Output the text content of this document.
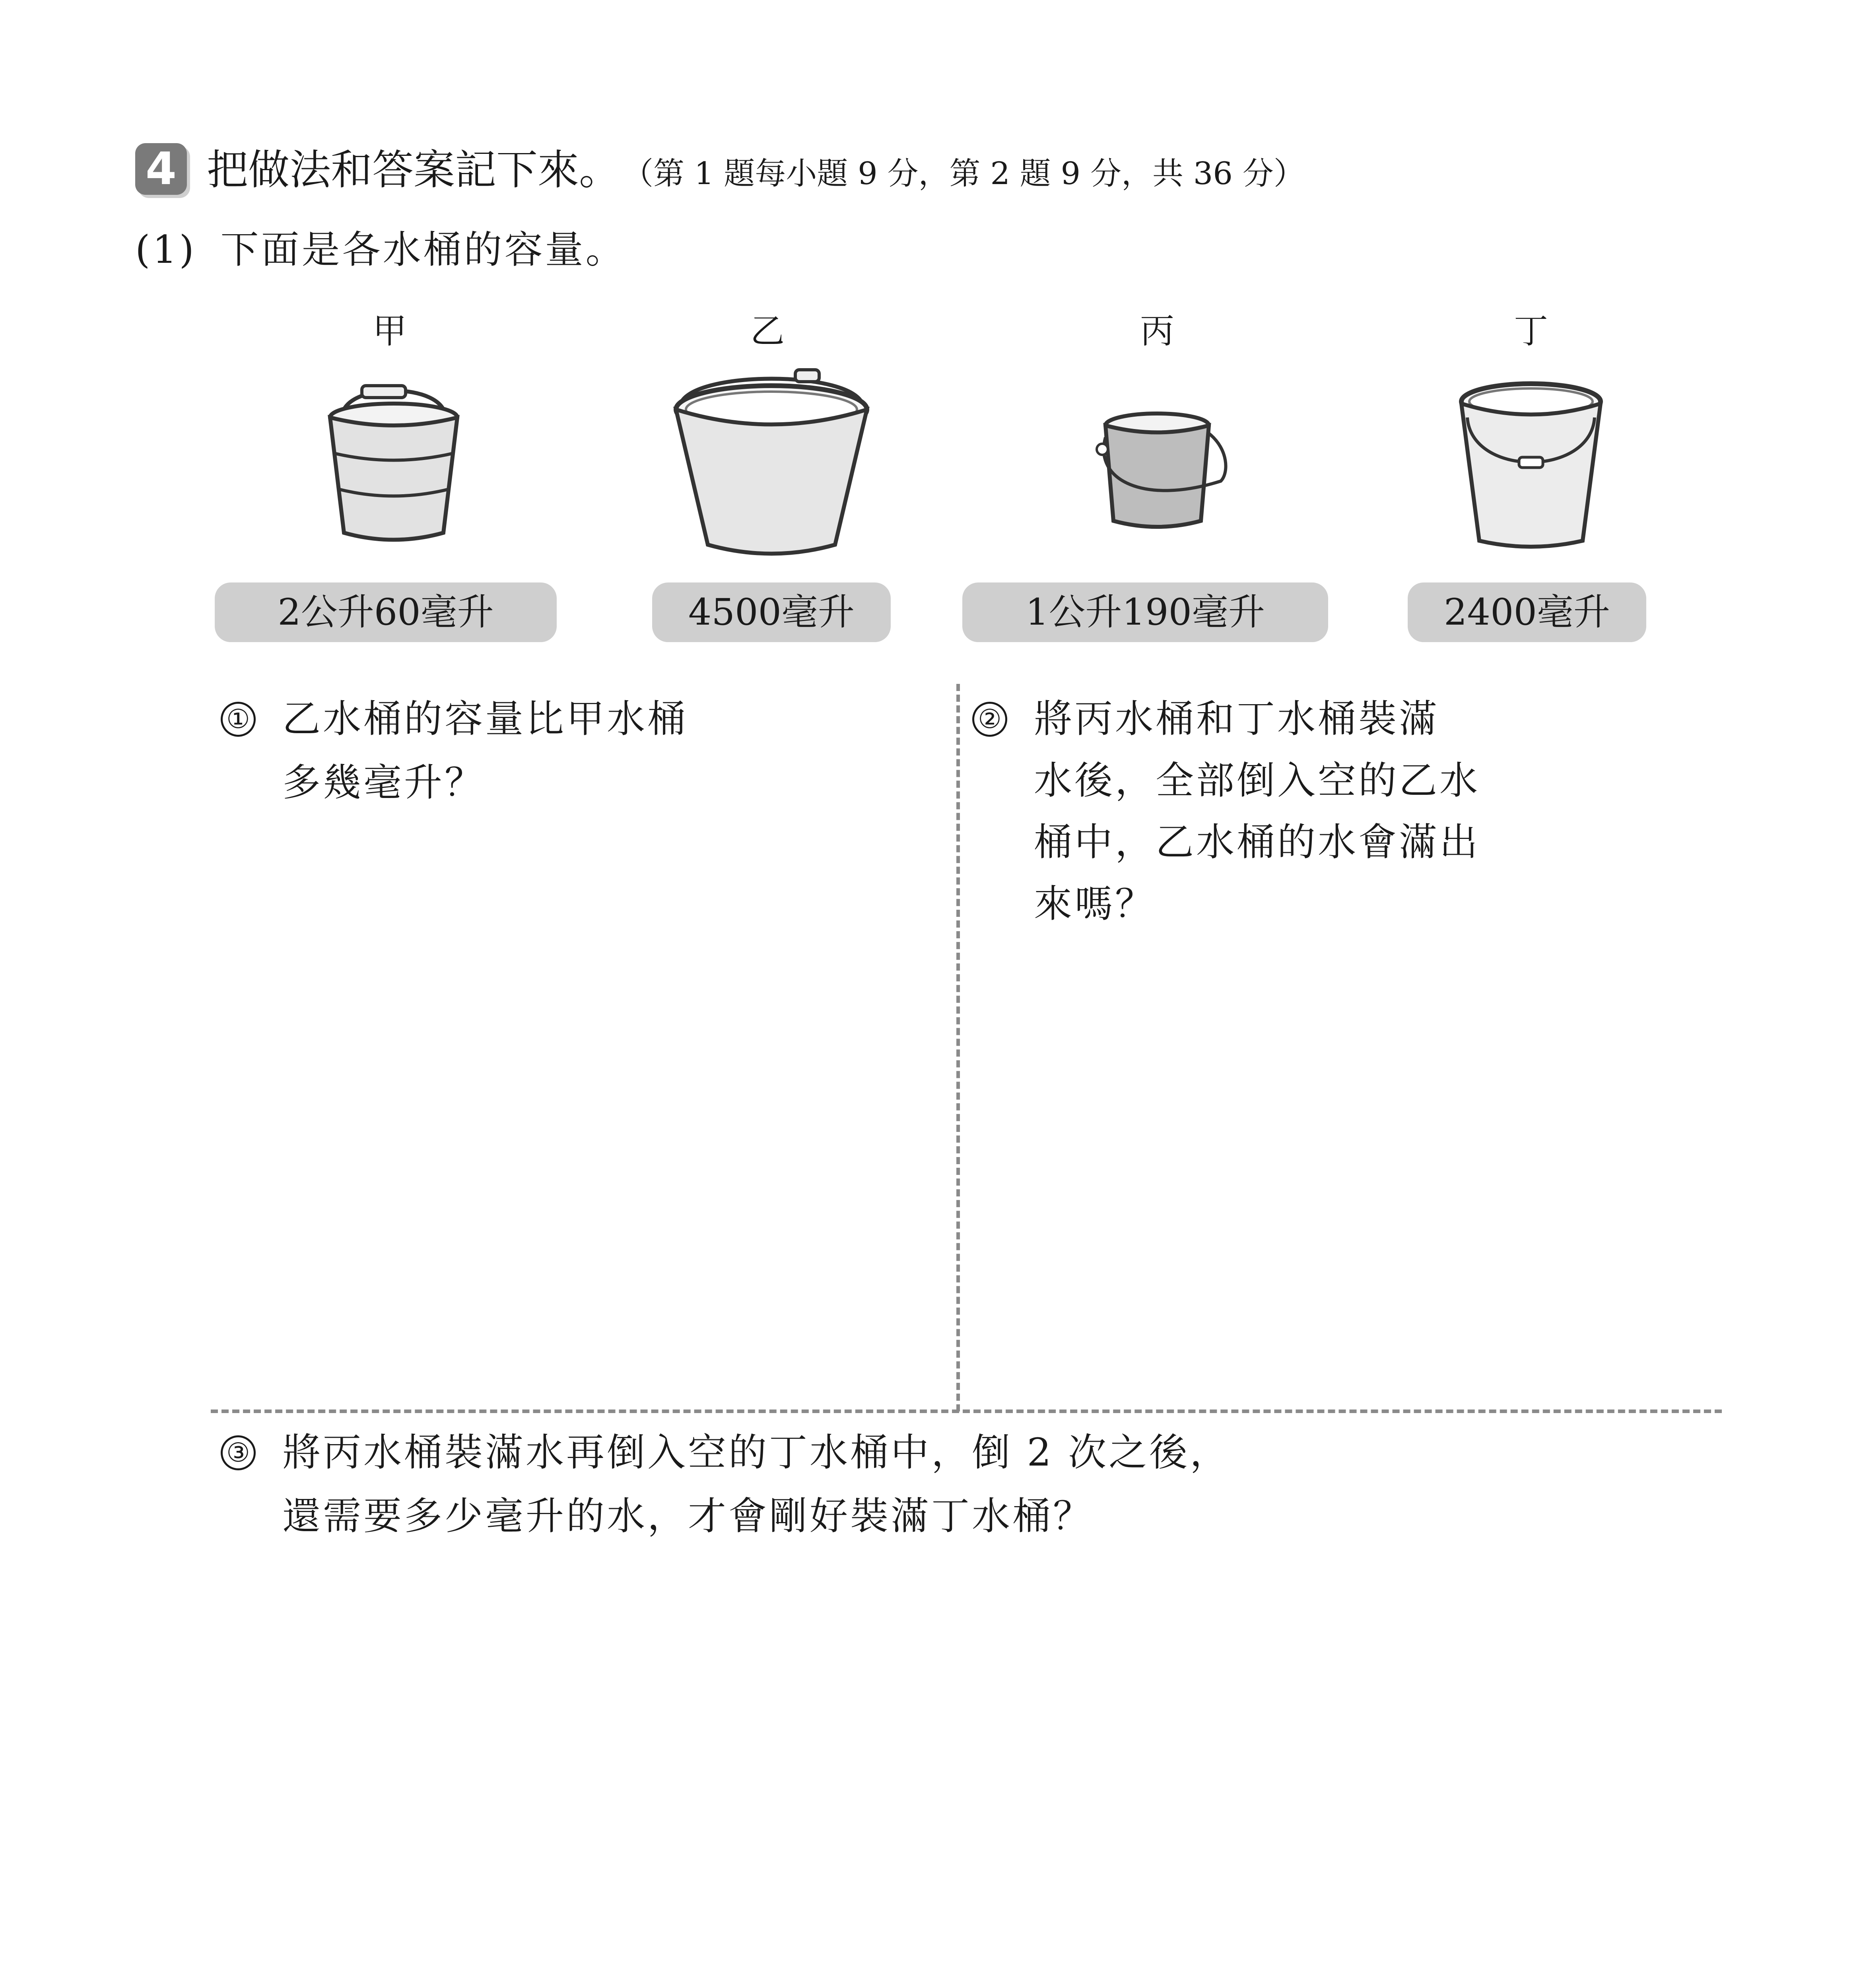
4 把做法和答案記下來。 （第 1 題每小題 9 分，第 2 題 9 分，共 36 分）
(1) 下面是各水桶的容量。
甲	乙	丙	丁
2公升60毫升	4500毫升	1公升190毫升	2400毫升
① 乙水桶的容量比甲水桶
多幾毫升？
② 將丙水桶和丁水桶裝滿
水後，全部倒入空的乙水
桶中，乙水桶的水會滿出
來嗎？
③ 將丙水桶裝滿水再倒入空的丁水桶中，倒 2 次之後，
還需要多少毫升的水，才會剛好裝滿丁水桶？
